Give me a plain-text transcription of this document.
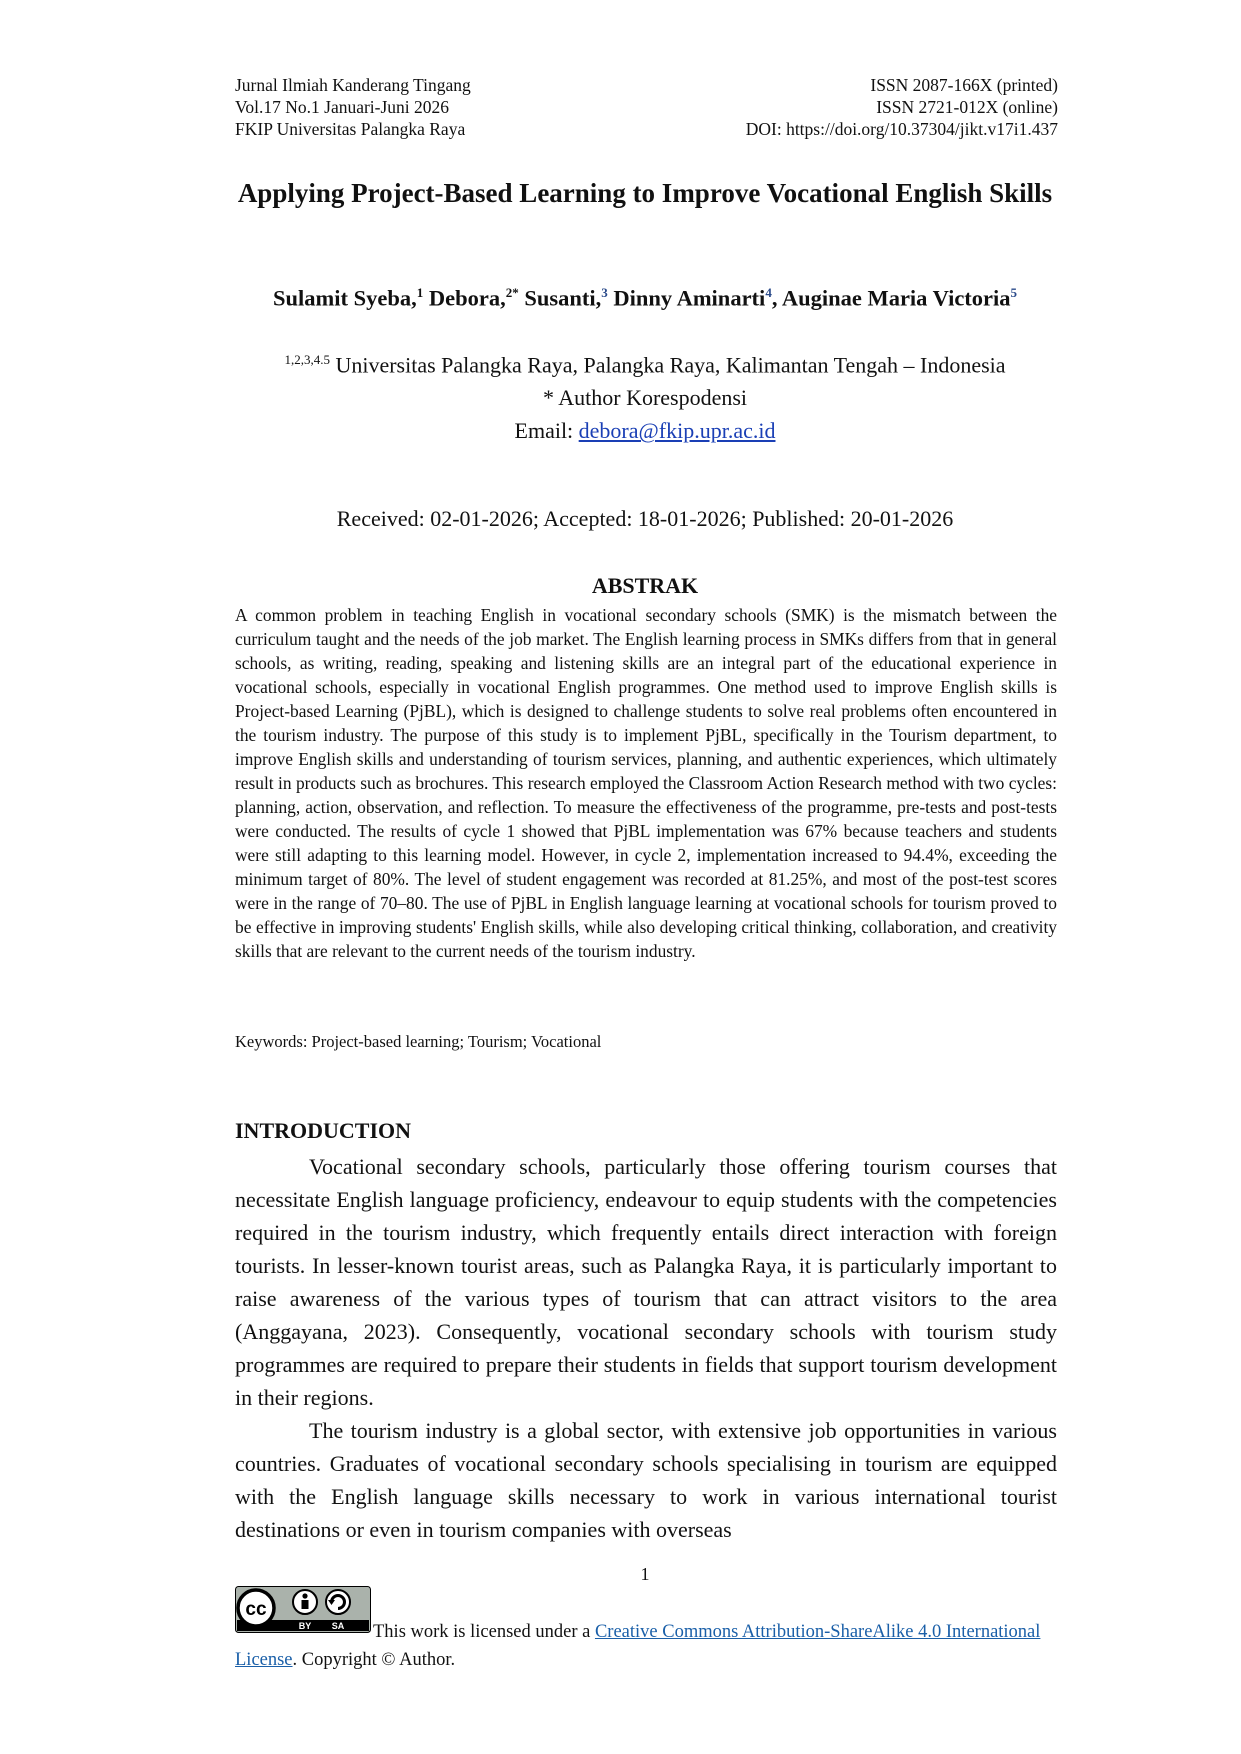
Jurnal Ilmiah Kanderang Tingang
Vol.17 No.1 Januari-Juni 2026
FKIP Universitas Palangka Raya
ISSN 2087-166X (printed)
ISSN 2721-012X (online)
DOI: https://doi.org/10.37304/jikt.v17i1.437
Applying Project-Based Learning to Improve Vocational English Skills
Sulamit Syeba,$^1$ Debora,$^{2*}$ Susanti,$^3$ Dinny Aminarti$^4$, Auginae Maria Victoria$^5$
$^{1,2,3,4.5}$ Universitas Palangka Raya, Palangka Raya, Kalimantan Tengah – Indonesia
* Author Korespodensi
Email: debora@fkip.upr.ac.id
Received: 02-01-2026; Accepted: 18-01-2026; Published: 20-01-2026
ABSTRAK
A common problem in teaching English in vocational secondary schools (SMK) is the mismatch between the curriculum taught and the needs of the job market. The English learning process in SMKs differs from that in general schools, as writing, reading, speaking and listening skills are an integral part of the educational experience in vocational schools, especially in vocational English programmes. One method used to improve English skills is Project-based Learning (PjBL), which is designed to challenge students to solve real problems often encountered in the tourism industry. The purpose of this study is to implement PjBL, specifically in the Tourism department, to improve English skills and understanding of tourism services, planning, and authentic experiences, which ultimately result in products such as brochures. This research employed the Classroom Action Research method with two cycles: planning, action, observation, and reflection. To measure the effectiveness of the programme, pre-tests and post-tests were conducted. The results of cycle 1 showed that PjBL implementation was 67% because teachers and students were still adapting to this learning model. However, in cycle 2, implementation increased to 94.4%, exceeding the minimum target of 80%. The level of student engagement was recorded at 81.25%, and most of the post-test scores were in the range of 70–80. The use of PjBL in English language learning at vocational schools for tourism proved to be effective in improving students' English skills, while also developing critical thinking, collaboration, and creativity skills that are relevant to the current needs of the tourism industry.
Keywords: Project-based learning; Tourism; Vocational
INTRODUCTION

Vocational secondary schools, particularly those offering tourism courses that necessitate English language proficiency, endeavour to equip students with the competencies required in the tourism industry, which frequently entails direct interaction with foreign tourists. In lesser-known tourist areas, such as Palangka Raya, it is particularly important to raise awareness of the various types of tourism that can attract visitors to the area (Anggayana, 2023). Consequently, vocational secondary schools with tourism study programmes are required to prepare their students in fields that support tourism development in their regions.

The tourism industry is a global sector, with extensive job opportunities in various countries. Graduates of vocational secondary schools specialising in tourism are equipped with the English language skills necessary to work in various international tourist destinations or even in tourism companies with overseas

1
cc
BY SA	This work is licensed under a Creative Commons Attribution-ShareAlike 4.0 International License. Copyright © Author.
